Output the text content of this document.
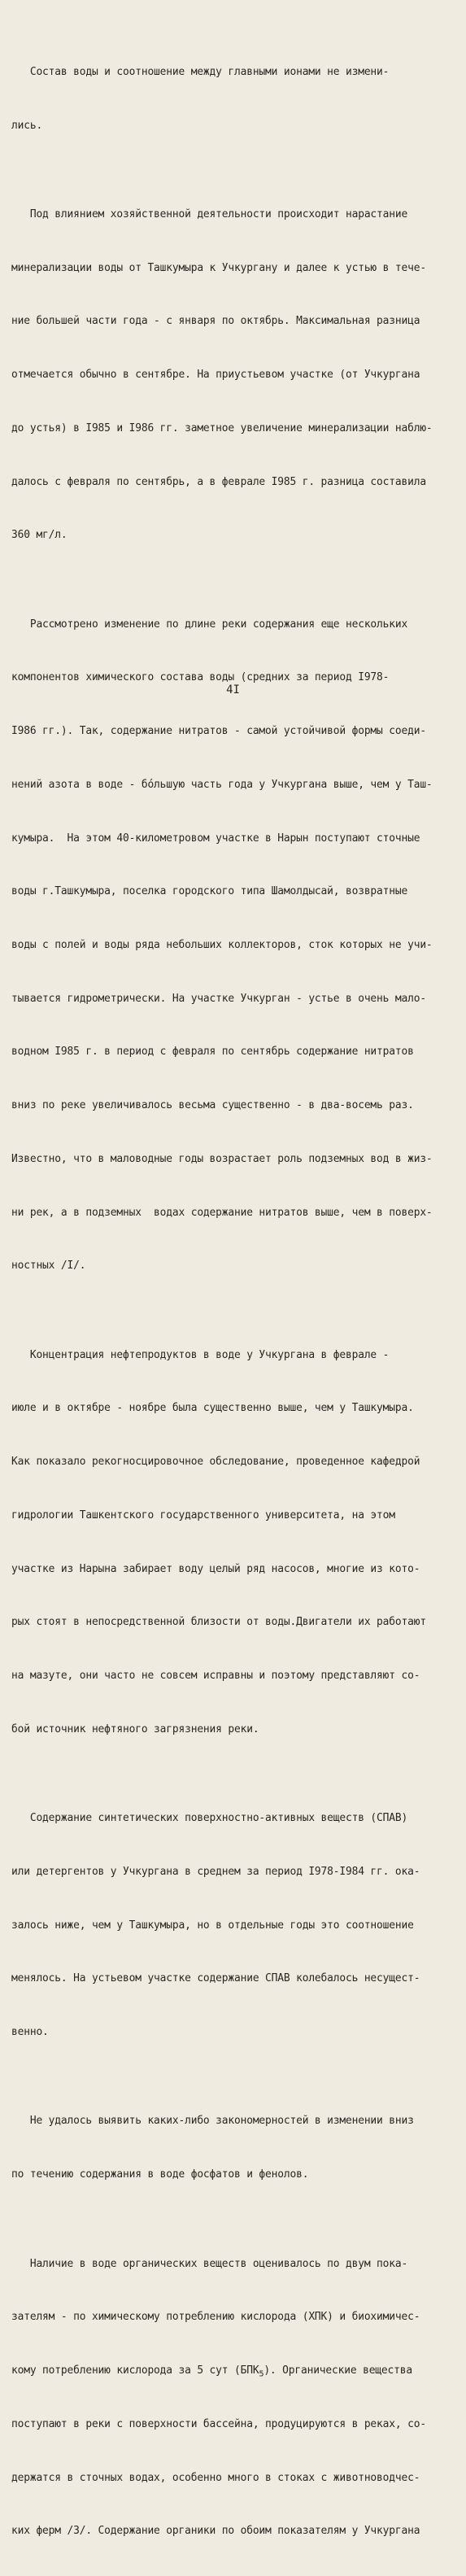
Состав воды и соотношение между главными ионами не измени-

лись.

Под влиянием хозяйственной деятельности происходит нарастание

минерализации воды от Ташкумыра к Учкургану и далее к устью в тече-

ние большей части года - с января по октябрь. Максимальная разница

отмечается обычно в сентябре. На приустьевом участке (от Учкургана

до устья) в I985 и I986 гг. заметное увеличение минерализации наблю-

далось с февраля по сентябрь, а в феврале I985 г. разница составила

360 мг/л.

Рассмотрено изменение по длине реки содержания еще нескольких

компонентов химического состава воды (средних за период I978-

I986 гг.). Так, содержание нитратов - самой устойчивой формы соеди-

нений азота в воде - бóльшую часть года у Учкургана выше, чем у Таш-

кумыра.  На этом 40-километровом участке в Нарын поступают сточные

воды г.Ташкумыра, поселка городского типа Шамолдысай, возвратные

воды с полей и воды ряда небольших коллекторов, сток которых не учи-

тывается гидрометрически. На участке Учкурган - устье в очень мало-

водном I985 г. в период с февраля по сентябрь содержание нитратов

вниз по реке увеличивалось весьма существенно - в два-восемь раз.

Известно, что в маловодные годы возрастает роль подземных вод в жиз-

ни рек, а в подземных  водах содержание нитратов выше, чем в поверх-

ностных /I/.

Концентрация нефтепродуктов в воде у Учкургана в феврале -

июле и в октябре - ноябре была существенно выше, чем у Ташкумыра.

Как показало рекогносцировочное обследование, проведенное кафедрой

гидрологии Ташкентского государственного университета, на этом

участке из Нарына забирает воду целый ряд насосов, многие из кото-

рых стоят в непосредственной близости от воды.Двигатели их работают

на мазуте, они часто не совсем исправны и поэтому представляют со-

бой источник нефтяного загрязнения реки.

Содержание синтетических поверхностно-активных веществ (СПАВ)

или детергентов у Учкургана в среднем за период I978-I984 гг. ока-

залось ниже, чем у Ташкумыра, но в отдельные годы это соотношение

менялось. На устьевом участке содержание СПАВ колебалось несущест-

венно.

Не удалось выявить каких-либо закономерностей в изменении вниз

по течению содержания в воде фосфатов и фенолов.

Наличие в воде органических веществ оценивалось по двум пока-

зателям - по химическому потреблению кислорода (ХПК) и биохимичес-

кому потреблению кислорода за 5 сут $(БПК_5)$. Органические вещества

поступают в реки с поверхности бассейна, продуцируются в реках, со-

держатся в сточных водах, особенно много в стоках с животноводчес-

ких ферм /3/. Содержание органики по обоим показателям у Учкургана

4I
